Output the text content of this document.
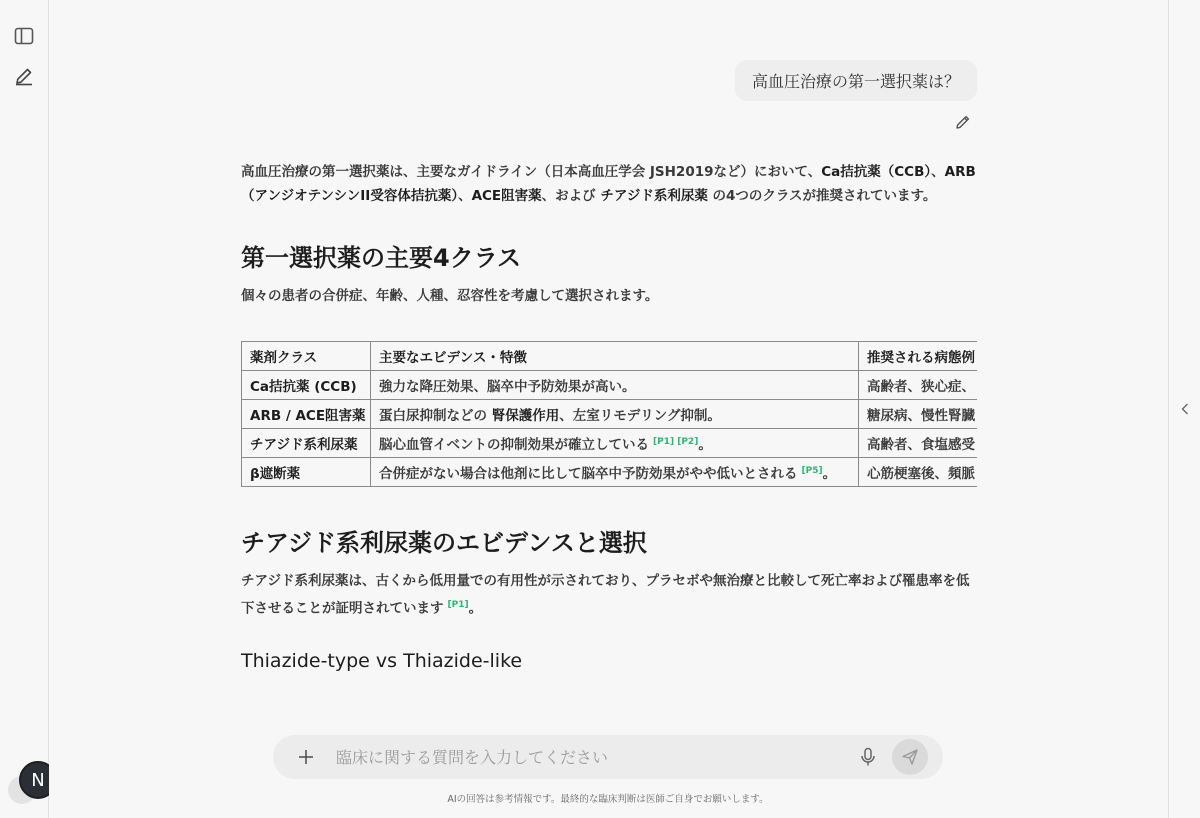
N
高血圧治療の第一選択薬は？

高血圧治療の第一選択薬は、主要なガイドライン（日本高血圧学会 JSH2019など）において、Ca拮抗薬（CCB）、ARB（アンジオテンシンII受容体拮抗薬）、ACE阻害薬、および チアジド系利尿薬 の4つのクラスが推奨されています。

第一選択薬の主要4クラス

個々の患者の合併症、年齢、人種、忍容性を考慮して選択されます。

薬剤クラス	主要なエビデンス・特徴	推奨される病態例
Ca拮抗薬 (CCB)	強力な降圧効果、脳卒中予防効果が高い。	高齢者、狭心症、
ARB / ACE阻害薬	蛋白尿抑制などの 腎保護作用、左室リモデリング抑制。	糖尿病、慢性腎臓
チアジド系利尿薬	脳心血管イベントの抑制効果が確立している [P1] [P2]。	高齢者、食塩感受
β遮断薬	合併症がない場合は他剤に比して脳卒中予防効果がやや低いとされる [P5]。	心筋梗塞後、頻脈
チアジド系利尿薬のエビデンスと選択

チアジド系利尿薬は、古くから低用量での有用性が示されており、プラセボや無治療と比較して死亡率および罹患率を低下させることが証明されています [P1]。

Thiazide-type vs Thiazide-like
臨床に関する質問を入力してください
AIの回答は参考情報です。最終的な臨床判断は医師ご自身でお願いします。
